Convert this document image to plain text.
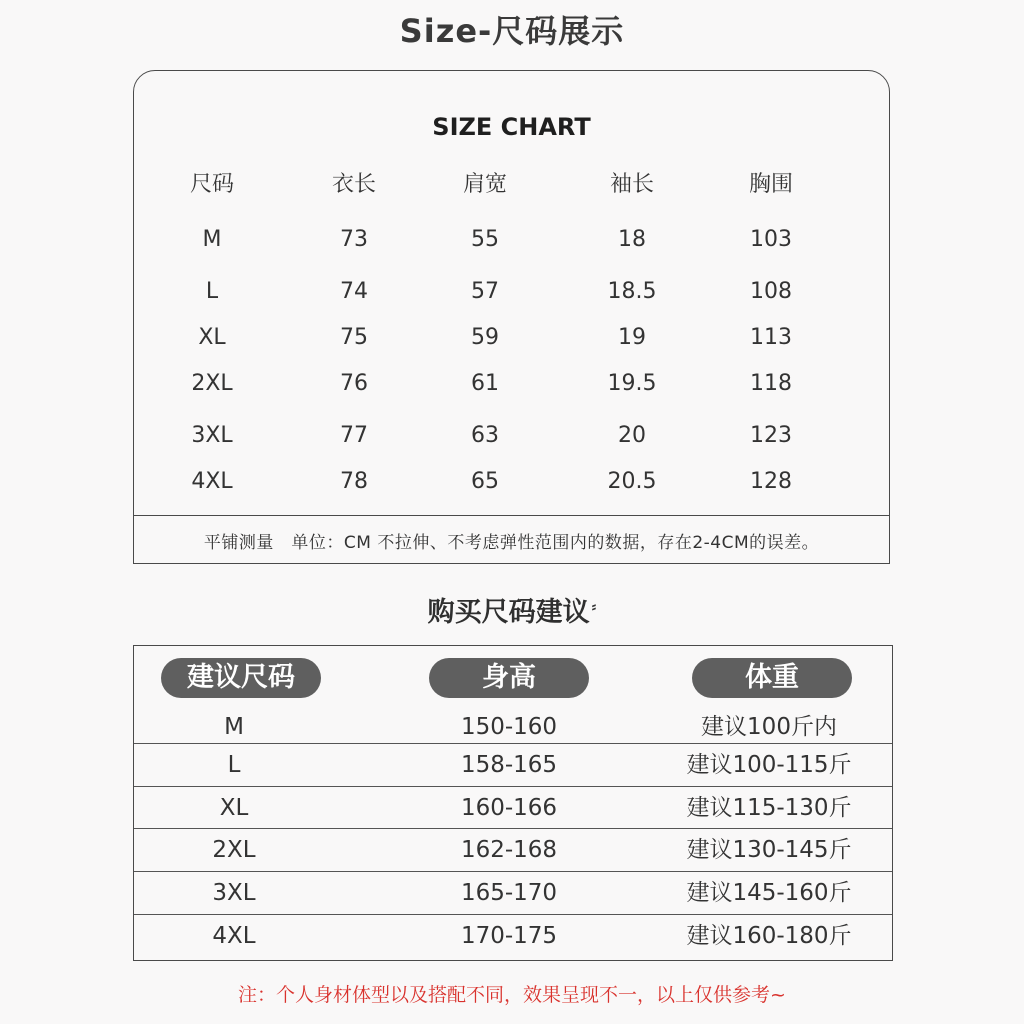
Size-尺码展示
SIZE CHART
尺码	衣长	肩宽	袖长	胸围
M	73	55	18	103
L	74	57	18.5	108
XL	75	59	19	113
2XL	76	61	19.5	118
3XL	77	63	20	123
4XL	78	65	20.5	128
平铺测量　单位：CM 不拉伸、不考虑弹性范围内的数据，存在2-4CM的误差。
购买尺码建议 ⸗
建议尺码	身高	体重
M	150-160	建议100斤内
L	158-165	建议100-115斤
XL	160-166	建议115-130斤
2XL	162-168	建议130-145斤
3XL	165-170	建议145-160斤
4XL	170-175	建议160-180斤
注：个人身材体型以及搭配不同，效果呈现不一，以上仅供参考~
